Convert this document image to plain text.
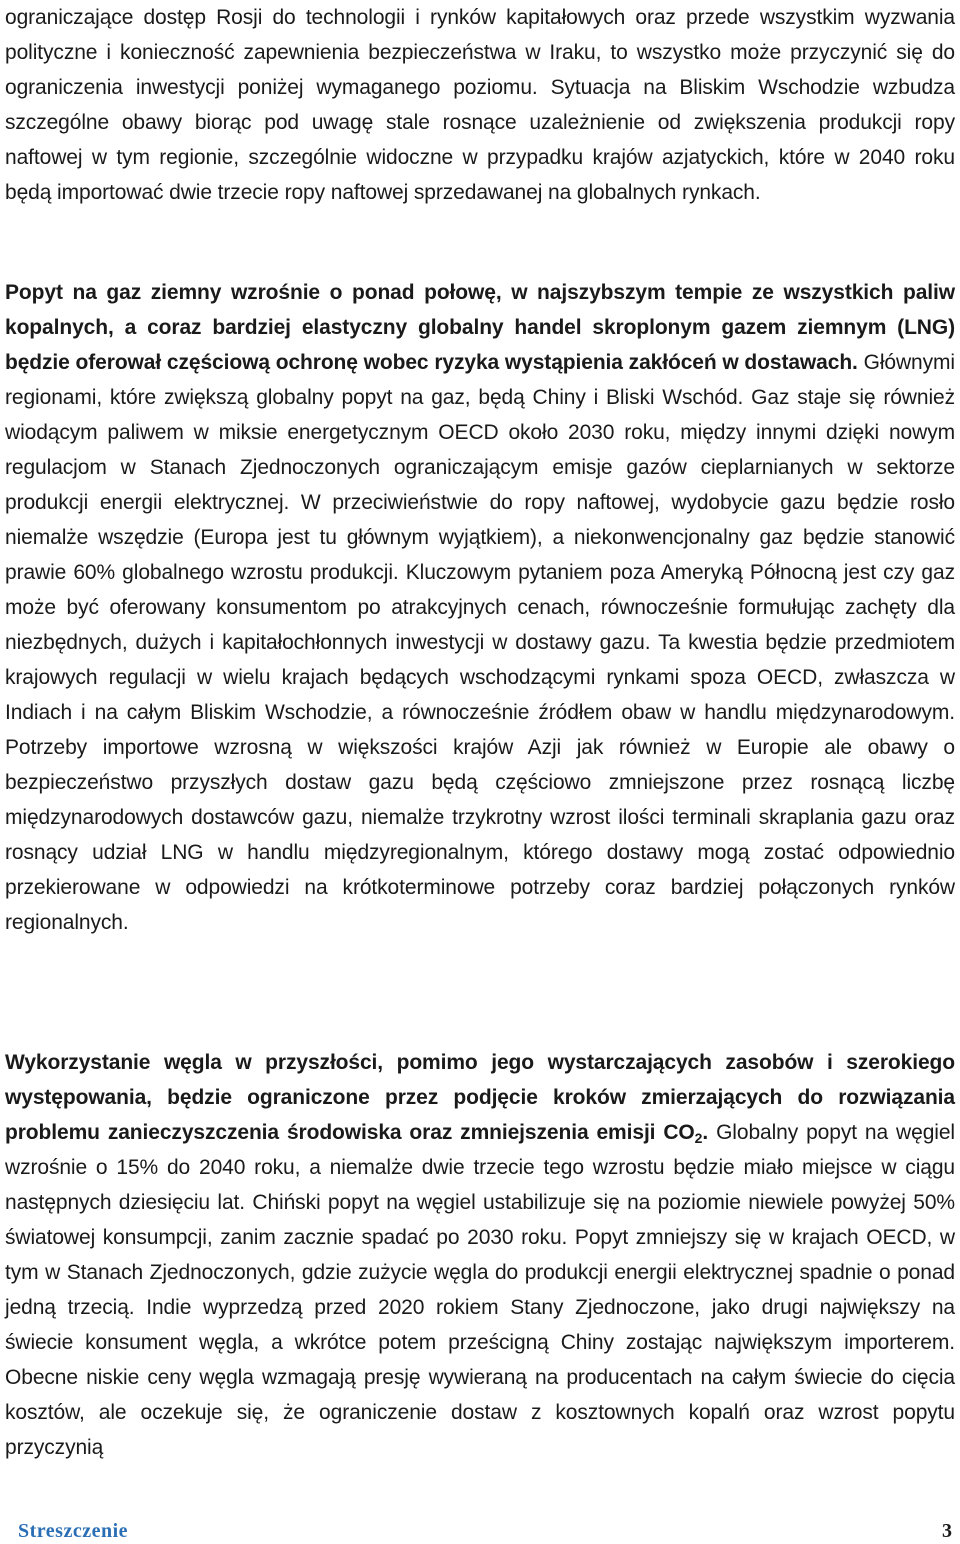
ograniczające dostęp Rosji do technologii i rynków kapitałowych oraz przede wszystkim wyzwania polityczne i konieczność zapewnienia bezpieczeństwa w Iraku, to wszystko może przyczynić się do ograniczenia inwestycji poniżej wymaganego poziomu. Sytuacja na Bliskim Wschodzie wzbudza szczególne obawy biorąc pod uwagę stale rosnące uzależnienie od zwiększenia produkcji ropy naftowej w tym regionie, szczególnie widoczne w przypadku krajów azjatyckich, które w 2040 roku będą importować dwie trzecie ropy naftowej sprzedawanej na globalnych rynkach.

Popyt na gaz ziemny wzrośnie o ponad połowę, w najszybszym tempie ze wszystkich paliw kopalnych, a coraz bardziej elastyczny globalny handel skroplonym gazem ziemnym (LNG) będzie oferował częściową ochronę wobec ryzyka wystąpienia zakłóceń w dostawach. Głównymi regionami, które zwiększą globalny popyt na gaz, będą Chiny i Bliski Wschód. Gaz staje się również wiodącym paliwem w miksie energetycznym OECD około 2030 roku, między innymi dzięki nowym regulacjom w Stanach Zjednoczonych ograniczającym emisje gazów cieplarnianych w sektorze produkcji energii elektrycznej. W przeciwieństwie do ropy naftowej, wydobycie gazu będzie rosło niemalże wszędzie (Europa jest tu głównym wyjątkiem), a niekonwencjonalny gaz będzie stanowić prawie 60% globalnego wzrostu produkcji. Kluczowym pytaniem poza Ameryką Północną jest czy gaz może być oferowany konsumentom po atrakcyjnych cenach, równocześnie formułując zachęty dla niezbędnych, dużych i kapitałochłonnych inwestycji w dostawy gazu. Ta kwestia będzie przedmiotem krajowych regulacji w wielu krajach będących wschodzącymi rynkami spoza OECD, zwłaszcza w Indiach i na całym Bliskim Wschodzie, a równocześnie źródłem obaw w handlu międzynarodowym. Potrzeby importowe wzrosną w większości krajów Azji jak również w Europie ale obawy o bezpieczeństwo przyszłych dostaw gazu będą częściowo zmniejszone przez rosnącą liczbę międzynarodowych dostawców gazu, niemalże trzykrotny wzrost ilości terminali skraplania gazu oraz rosnący udział LNG w handlu międzyregionalnym, którego dostawy mogą zostać odpowiednio przekierowane w odpowiedzi na krótkoterminowe potrzeby coraz bardziej połączonych rynków regionalnych.

Wykorzystanie węgla w przyszłości, pomimo jego wystarczających zasobów i szerokiego występowania, będzie ograniczone przez podjęcie kroków zmierzających do rozwiązania problemu zanieczyszczenia środowiska oraz zmniejszenia emisji $CO_2$. Globalny popyt na węgiel wzrośnie o 15% do 2040 roku, a niemalże dwie trzecie tego wzrostu będzie miało miejsce w ciągu następnych dziesięciu lat. Chiński popyt na węgiel ustabilizuje się na poziomie niewiele powyżej 50% światowej konsumpcji, zanim zacznie spadać po 2030 roku. Popyt zmniejszy się w krajach OECD, w tym w Stanach Zjednoczonych, gdzie zużycie węgla do produkcji energii elektrycznej spadnie o ponad jedną trzecią. Indie wyprzedzą przed 2020 rokiem Stany Zjednoczone, jako drugi największy na świecie konsument węgla, a wkrótce potem prześcigną Chiny zostając największym importerem. Obecne niskie ceny węgla wzmagają presję wywieraną na producentach na całym świecie do cięcia kosztów, ale oczekuje się, że ograniczenie dostaw z kosztownych kopalń oraz wzrost popytu przyczynią

Streszczenie	3
